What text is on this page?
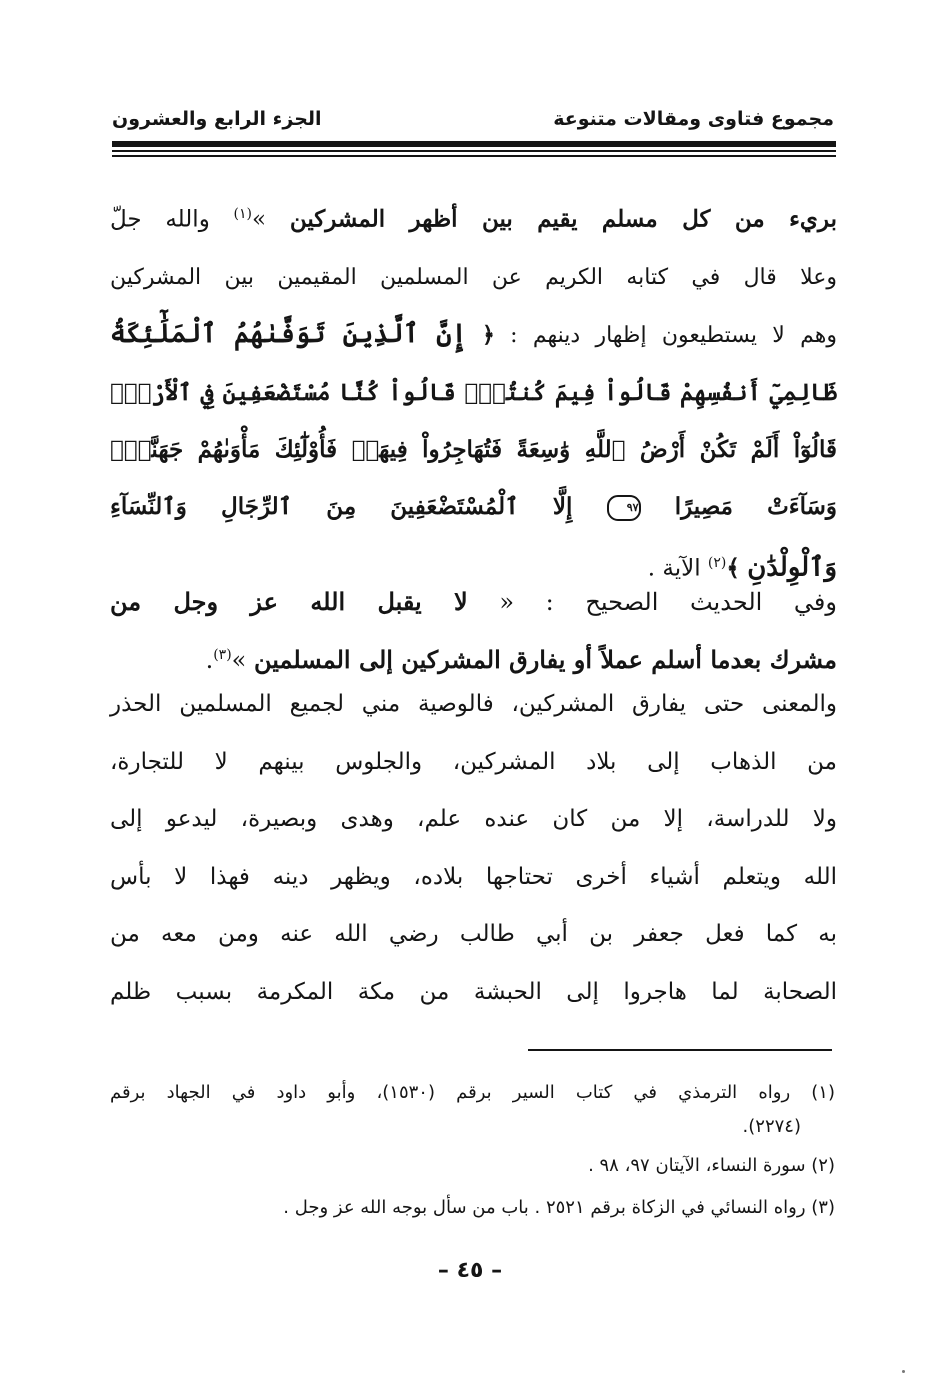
مجموع فتاوى ومقالات متنوعة
الجزء الرابع والعشرون
بريء من كل مسلم يقيم بين أظهر المشركين »$^{(١)}$ والله جلّ
وعلا قال في كتابه الكريم عن المسلمين المقيمين بين المشركين
وهم لا يستطيعون إظهار دينهم : ﴿ إِنَّ ٱلَّذِينَ تَوَفَّىٰهُمُ ٱلْمَلَٰٓئِكَةُ
ظَالِمِيٓ أَنفُسِهِمْ قَالُواْ فِيمَ كُنتُمْۖ قَالُواْ كُنَّا مُسْتَضْعَفِينَ فِي ٱلْأَرْضِۚ
قَالُوٓاْ أَلَمْ تَكُنْ أَرْضُ ٱللَّهِ وَٰسِعَةً فَتُهَاجِرُواْ فِيهَاۚ فَأُوْلَٰٓئِكَ مَأْوَىٰهُمْ جَهَنَّمُۖ
وَسَآءَتْ مَصِيرًا ٩٧ إِلَّا ٱلْمُسْتَضْعَفِينَ مِنَ ٱلرِّجَالِ وَٱلنِّسَآءِ
وَٱلْوِلْدَٰنِ ﴾$^{(٢)}$ الآية .
وفي الحديث الصحيح : « لا يقبل الله عز وجل من
مشرك بعدما أسلم عملاً أو يفارق المشركين إلى المسلمين »$^{(٣)}$.
والمعنى حتى يفارق المشركين، فالوصية مني لجميع المسلمين الحذر
من الذهاب إلى بلاد المشركين، والجلوس بينهم لا للتجارة،
ولا للدراسة، إلا من كان عنده علم، وهدى وبصيرة، ليدعو إلى
الله ويتعلم أشياء أخرى تحتاجها بلاده، ويظهر دينه فهذا لا بأس
به كما فعل جعفر بن أبي طالب رضي الله عنه ومن معه من
الصحابة لما هاجروا إلى الحبشة من مكة المكرمة بسبب ظلم
(١) رواه الترمذي في كتاب السير برقم (١٥٣٠)، وأبو داود في الجهاد برقم
(٢٢٧٤).
(٢) سورة النساء، الآيتان ٩٧، ٩٨ .
(٣) رواه النسائي في الزكاة برقم ٢٥٢١ . باب من سأل بوجه الله عز وجل .
– ٤٥ –
